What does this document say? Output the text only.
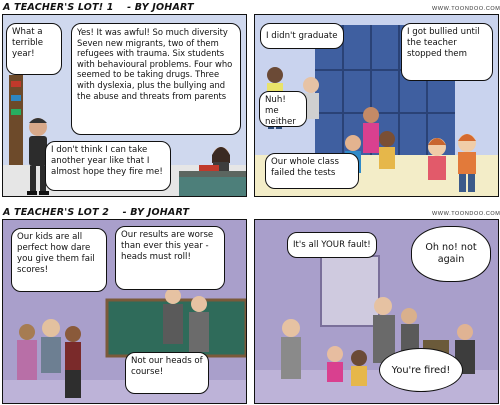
A TEACHER'S LOT! 1 - BY JOHART	WWW.TOONDOO.COM
What a terrible year!
Yes! It was awful! So much diversity Seven new migrants, two of them refugees with trauma. Six students with behavioural problems. Four who seemed to be taking drugs. Three with dyslexia, plus the bullying and the abuse and threats from parents
I don't think I can take another year like that I almost hope they fire me!
I didn't graduate
Nuh! me neither
I got bullied until the teacher stopped them
Our whole class failed the tests
A TEACHER'S LOT 2 - BY JOHART	WWW.TOONDOO.COM
Our kids are all perfect how dare you give them fail scores!
Our results are worse than ever this year - heads must roll!
Not our heads of course!
It's all YOUR fault!	Oh no! not again
You're fired!
